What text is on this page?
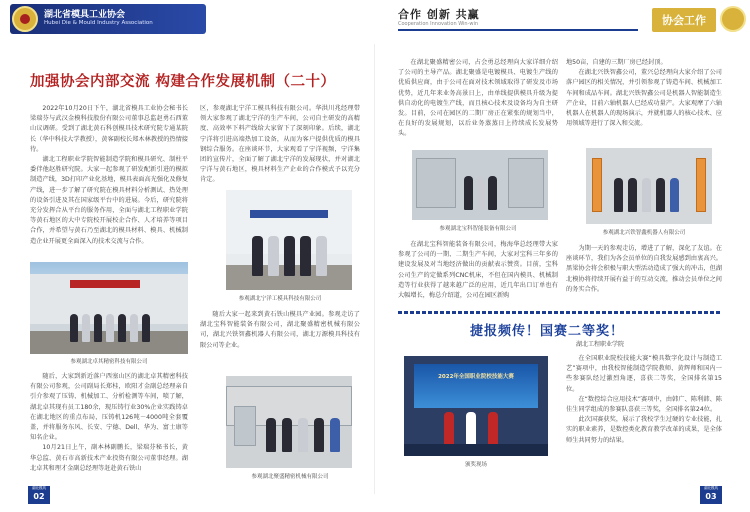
湖北省模具工业协会
Hubei Die & Mould Industry Association
合作 创新 共赢
Cooperation Innovation Win-win	协会工作
加强协会内部交流 构建合作发展机制（二十）

2022年10月20日下午，湖北省模具工业协会秘书长梁瑞芬与武汉金模科技股份有限公司董事总监赵勇石西董山议调研。受到了湖北黄石科创模具技术研究院专通某院长（华中科技大学教授），黄客副校长郑木林教授的热情接待。

湖北工程职业学院智能制造学院和模具研究、制柱平委伴他赵胜研究院。大家一起参观了研发配新引进的模拟制造产线，3D打印产业化基地，模具表面高光强化及修复产线，进一步了解了研究院在模具材料分析测试、热处理的设备引进及其在国家级平台中的进展。今后，研究院将充分发挥合从平台的服务作用，全面与湖北工程职业学院等黄石地区的大中专院校开展校企合作、人才培养等项目合作，并希望与黄石乃至湖北的模具材料、模具、机械制造企业开展更全面深入的技术交流与合作。

参观湖北卓其精密科技有限公司

随后，大家到新近落户西塞山区的湖北卓其精密科技有限公司参观，公司副局长郑桂，欧阳才金副总经理亲自引介参观了压铸、机械加工、分析检测等车间，喷了解，湖北卓其现有员工180余，现压铸行业30%企业实践铸卓在湖北地区的重点布局，压铸机126吨－4000吨全套覆盖，并将服务东风、长安、宁德、Dell、华为、富士康等知名企业。

10月21日上午，副本林副鹏长，梁瑞芬秘书长，黄华总监、黄石市高新技术产业投资有限公司董事经理。湖北卓其和理才金副总经理等赶赴黄石铁山

区，参观湖北宁洋工模具科技有限公司。华洪川兆经理带领大家参观了湖北宁洋的生产车间，公司自主研发的高精度、高效率下料产线给大家留下了深刻印象。后续，湖北宁洋将引进高端热加工设备，从而为客户提供优质的模具钢综合服务。在座谈环节，大家观看了宁洋视频，宁洋集团的宣传片，全面了解了湖北宁洋的发展现状，并对湖北宁洋与黄石地区，模具材料生产企业的合作模式予以充分肯定。

参观湖北宁洋工模具科技有限公司

随后大家一起来到黄石铁山模具产业园。参观走访了湖北宝科智能装备有限公司，湖北聚盛精密机械有限公司，湖北兴铁智鑫机器人有限公司，湖北万源模具科技有限公司等企业。

参观湖北聚盛精密机械有限公司

在湖北聚盛精密公司，占会勇总经理向大家详细介绍了公司的主导产品。湖北聚盛是电镀模具、电镀生产线的优质供应商，由于公司在面对技术领域取得了研发及市场优势，近几年来业务高景日上，由单线提供模具升级为提供自动化的电镀生产线，而且核心技术及设备均为自主研发。目前，公司在园区的二期厂房正在紧张的规划当中，在良好的发展规划，以后业务蒸蒸日上持续成长发展势头。

参观湖北宝科智能装备有限公司

在湖北宝科智能装备有限公司，梅海华总经理带大家参观了公司的一期、二期生产车间，大家对宝科三年多的建设发展及对当地经济做出的贡献表示赞赏。目前，宝科公司生产的定做系列CNC机床，不但在国内模具、机械制造等行业获得了越来越广泛的应用，近几年出口订单也有大幅增长，梅总介绍道，公司在园区新购

地50亩，自建的三期厂房已经封顶。

在湖北兴铁智鑫公司，董兴总经理向大家介绍了公司落户园区的相关情况，并引领参观了铸造车间、机械加工车间和成品车间。湖北兴铁智鑫公司是机器人智能制造生产企业，目前六轴机器人已经成功量产。大家观摩了六轴机器人在机器人的现场演示，并就机器人的核心技术、应用领域等进行了深入和交流。

参观湖北兴铁智鑫机器人有限公司

为期一天的参观走访，增进了了解，深化了友谊。在座谈环节，我们为各会员单位的自我发展感到由衷高兴。黑梁协会将会积极与职大型活动造成了强大的冲击，但湖北模协将持续开展有益于的互动交流，推动会员单位之间的务实合作。

捷报频传！国赛二等奖！
湖北工程职业学院
2022年全国职业院校技能大赛
颁奖现场

在全国职业院校技能大赛“模具数字化设计与制造工艺”赛项中，由我校智能制造学院教师、黄辉师和国内一些参赛队经过激烈角逐，喜获二等奖，全国排名第15位。

在“数控综合应用技术”赛项中，由韩广、陈利韩、陈佳生同学组成的参赛队喜获三等奖，全国排名第24位。

此次国赛获奖，展示了我校学生过硬的专业技能，扎实的职业素养，是数控类化教育教学改革的成果，是全体师生共同努力的结果。

湖北模具
02
湖北模具
03
